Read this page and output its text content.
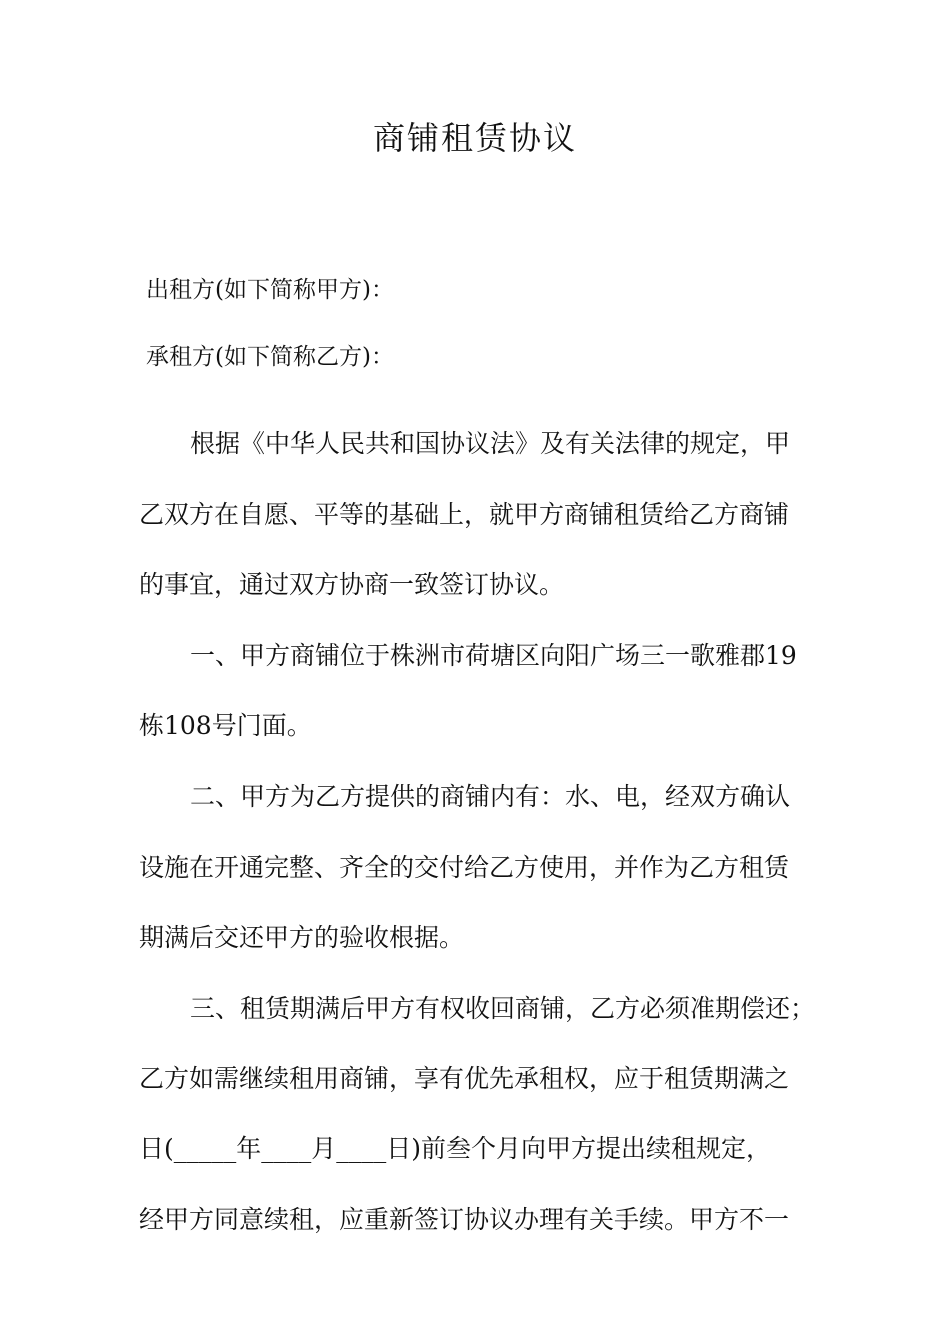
商铺租赁协议

出租方(如下简称甲方)：

承租方(如下简称乙方)：

根据《中华人民共和国协议法》及有关法律的规定，甲

乙双方在自愿、平等的基础上，就甲方商铺租赁给乙方商铺

的事宜，通过双方协商一致签订协议。

一、甲方商铺位于株洲市荷塘区向阳广场三一歌雅郡19

栋108号门面。

二、甲方为乙方提供的商铺内有：水、电，经双方确认

设施在开通完整、齐全的交付给乙方使用，并作为乙方租赁

期满后交还甲方的验收根据。

三、租赁期满后甲方有权收回商铺，乙方必须准期偿还；

乙方如需继续租用商铺，享有优先承租权，应于租赁期满之

日(_____年____月____日)前叁个月向甲方提出续租规定，

经甲方同意续租，应重新签订协议办理有关手续。甲方不一
